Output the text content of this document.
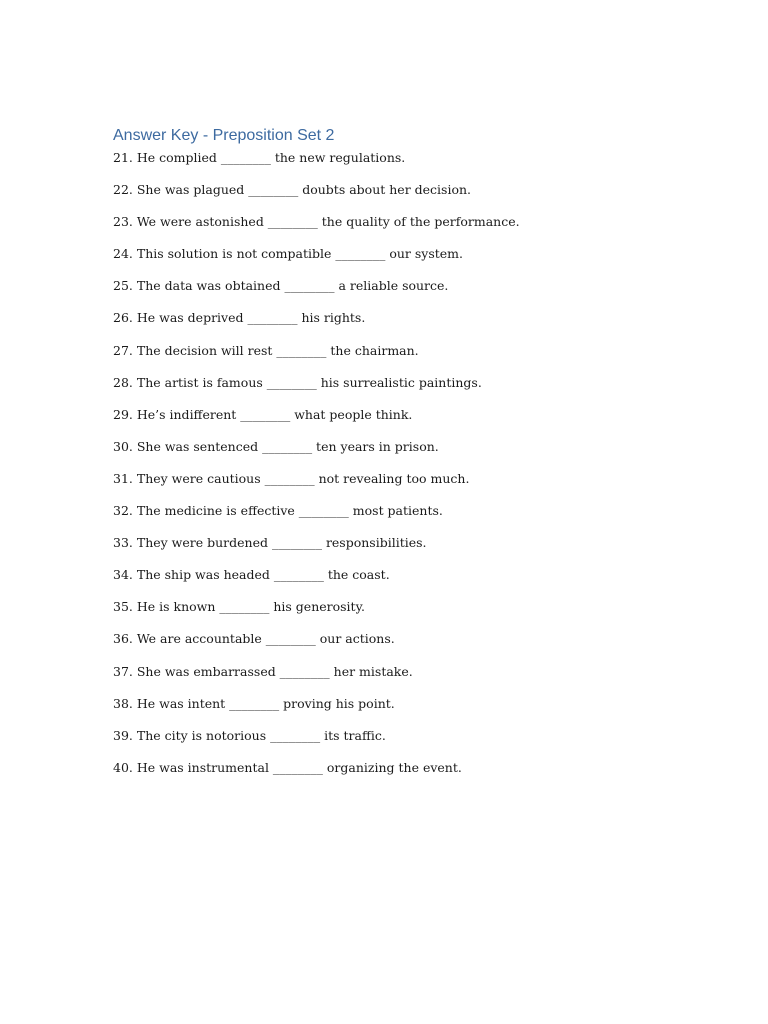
Answer Key - Preposition Set 2
21. He complied ________ the new regulations.
22. She was plagued ________ doubts about her decision.
23. We were astonished ________ the quality of the performance.
24. This solution is not compatible ________ our system.
25. The data was obtained ________ a reliable source.
26. He was deprived ________ his rights.
27. The decision will rest ________ the chairman.
28. The artist is famous ________ his surrealistic paintings.
29. He’s indifferent ________ what people think.
30. She was sentenced ________ ten years in prison.
31. They were cautious ________ not revealing too much.
32. The medicine is effective ________ most patients.
33. They were burdened ________ responsibilities.
34. The ship was headed ________ the coast.
35. He is known ________ his generosity.
36. We are accountable ________ our actions.
37. She was embarrassed ________ her mistake.
38. He was intent ________ proving his point.
39. The city is notorious ________ its traffic.
40. He was instrumental ________ organizing the event.
